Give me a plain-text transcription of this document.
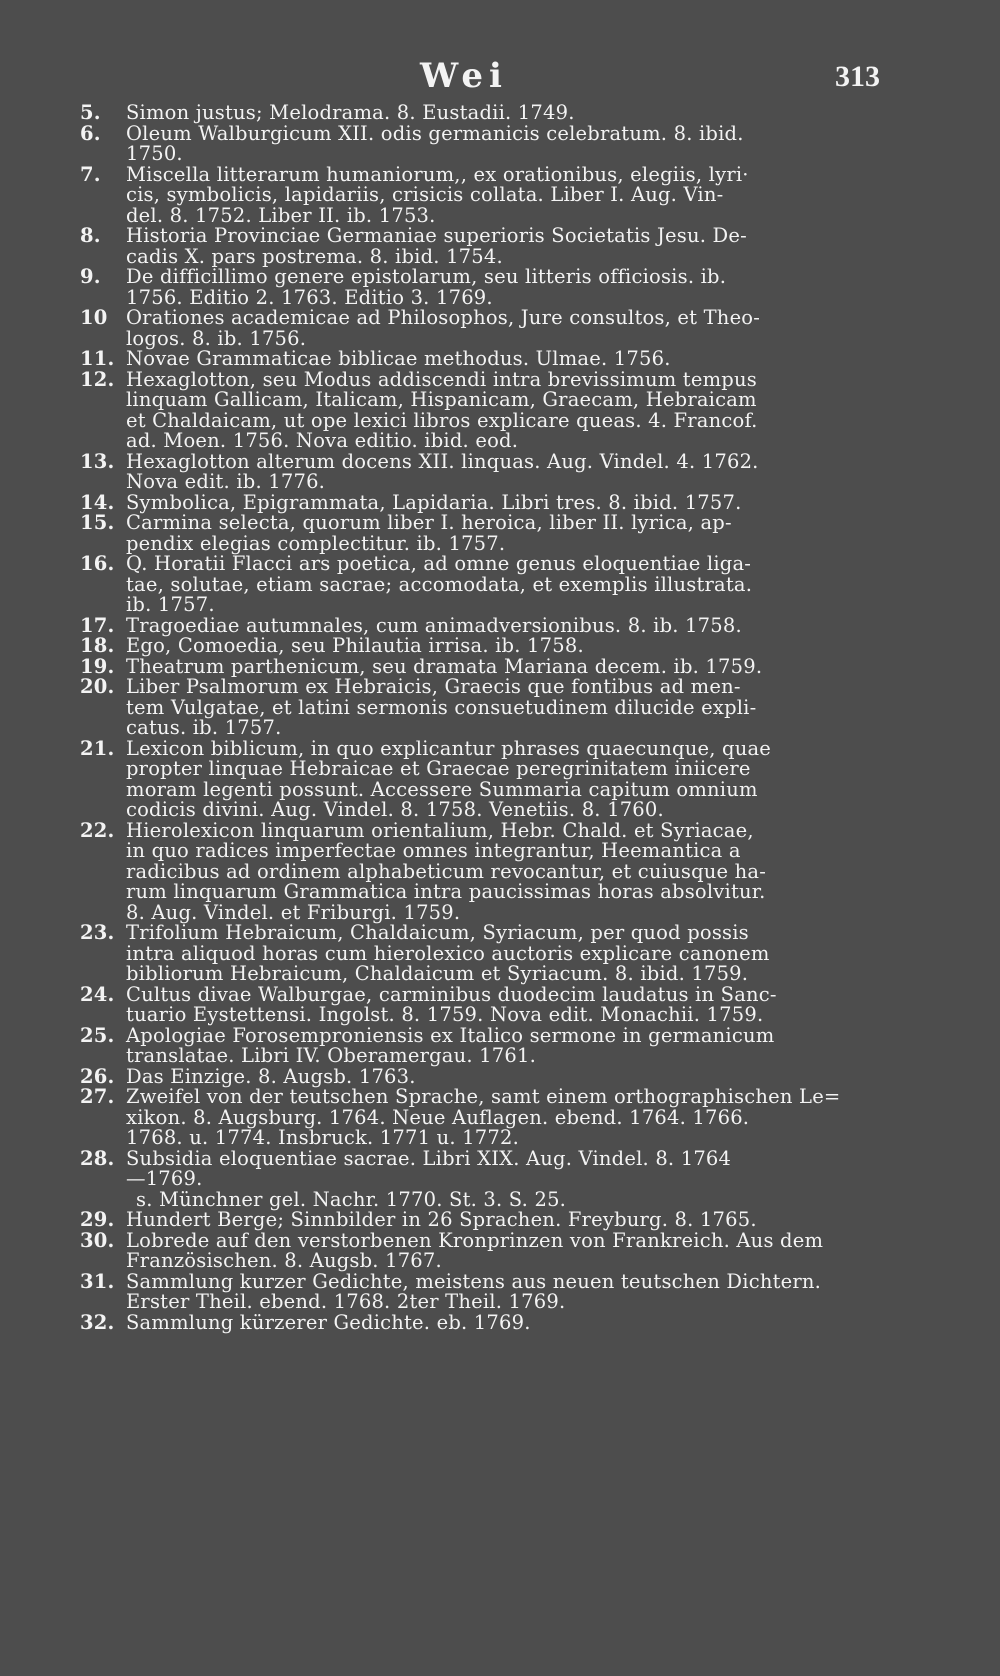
Wei	313
5.	Simon justus; Melodrama. 8. Eustadii. 1749.
6.	Oleum Walburgicum XII. odis germanicis celebratum. 8. ibid.
1750.
7.	Miscella litterarum humaniorum,, ex orationibus, elegiis, lyri·
cis, symbolicis, lapidariis, crisicis collata. Liber I. Aug. Vin-
del. 8. 1752. Liber II. ib. 1753.
8.	Historia Provinciae Germaniae superioris Societatis Jesu. De-
cadis X. pars postrema. 8. ibid. 1754.
9.	De difficillimo genere epistolarum, seu litteris officiosis. ib.
1756. Editio 2. 1763. Editio 3. 1769.
10 Orationes academicae ad Philosophos, Jure consultos, et Theo-
logos. 8. ib. 1756.
11. Novae Grammaticae biblicae methodus. Ulmae. 1756.
12. Hexaglotton, seu Modus addiscendi intra brevissimum tempus
linquam Gallicam, Italicam, Hispanicam, Graecam, Hebraicam
et Chaldaicam, ut ope lexici libros explicare queas. 4. Francof.
ad. Moen. 1756. Nova editio. ibid. eod.
13. Hexaglotton alterum docens XII. linquas. Aug. Vindel. 4. 1762.
Nova edit. ib. 1776.
14. Symbolica, Epigrammata, Lapidaria. Libri tres. 8. ibid. 1757.
15. Carmina selecta, quorum liber I. heroica, liber II. lyrica, ap-
pendix elegias complectitur. ib. 1757.
16. Q. Horatii Flacci ars poetica, ad omne genus eloquentiae liga-
tae, solutae, etiam sacrae; accomodata, et exemplis illustrata.
ib. 1757.
17. Tragoediae autumnales, cum animadversionibus. 8. ib. 1758.
18. Ego, Comoedia, seu Philautia irrisa. ib. 1758.
19. Theatrum parthenicum, seu dramata Mariana decem. ib. 1759.
20. Liber Psalmorum ex Hebraicis, Graecis que fontibus ad men-
tem Vulgatae, et latini sermonis consuetudinem dilucide expli-
catus. ib. 1757.
21. Lexicon biblicum, in quo explicantur phrases quaecunque, quae
propter linquae Hebraicae et Graecae peregrinitatem iniicere
moram legenti possunt. Accessere Summaria capitum omnium
codicis divini. Aug. Vindel. 8. 1758. Venetiis. 8. 1760.
22. Hierolexicon linquarum orientalium, Hebr. Chald. et Syriacae,
in quo radices imperfectae omnes integrantur, Heemantica a
radicibus ad ordinem alphabeticum revocantur, et cuiusque ha-
rum linquarum Grammatica intra paucissimas horas absolvitur.
8. Aug. Vindel. et Friburgi. 1759.
23. Trifolium Hebraicum, Chaldaicum, Syriacum, per quod possis
intra aliquod horas cum hierolexico auctoris explicare canonem
bibliorum Hebraicum, Chaldaicum et Syriacum. 8. ibid. 1759.
24. Cultus divae Walburgae, carminibus duodecim laudatus in Sanc-
tuario Eystettensi. Ingolst. 8. 1759. Nova edit. Monachii. 1759.
25. Apologiae Forosemproniensis ex Italico sermone in germanicum
translatae. Libri IV. Oberamergau. 1761.
26. Das Einzige. 8. Augsb. 1763.
27. Zweifel von der teutschen Sprache, samt einem orthographischen Le=
xikon. 8. Augsburg. 1764. Neue Auflagen. ebend. 1764. 1766.
1768. u. 1774. Insbruck. 1771 u. 1772.
28. Subsidia eloquentiae sacrae. Libri XIX. Aug. Vindel. 8. 1764
—1769.
s. Münchner gel. Nachr. 1770. St. 3. S. 25.
29. Hundert Berge; Sinnbilder in 26 Sprachen. Freyburg. 8. 1765.
30. Lobrede auf den verstorbenen Kronprinzen von Frankreich. Aus dem
Französischen. 8. Augsb. 1767.
31. Sammlung kurzer Gedichte, meistens aus neuen teutschen Dichtern.
Erster Theil. ebend. 1768. 2ter Theil. 1769.
32. Sammlung kürzerer Gedichte. eb. 1769.
